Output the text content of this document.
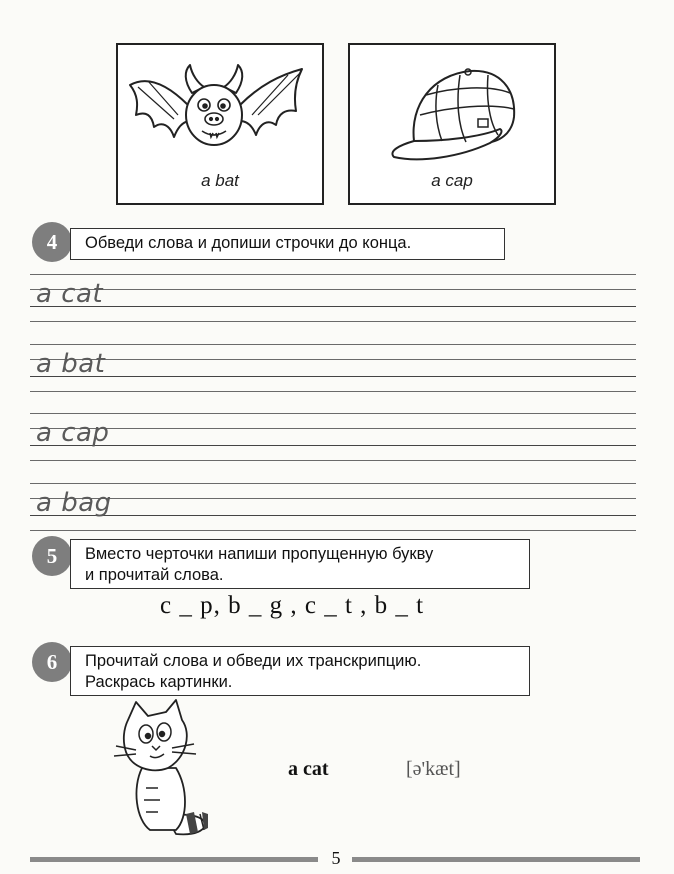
a bat	a cap
4	Обведи слова и допиши строчки до конца.
a cat
a bat
a cap
a bag
5	Вместо черточки напиши пропущенную букву
и прочитай слова.
c _ p, b _ g , c _ t , b _ t
6	Прочитай слова и обведи их транскрипцию.
Раскрась картинки.
a cat	[ə'kæt]
5
